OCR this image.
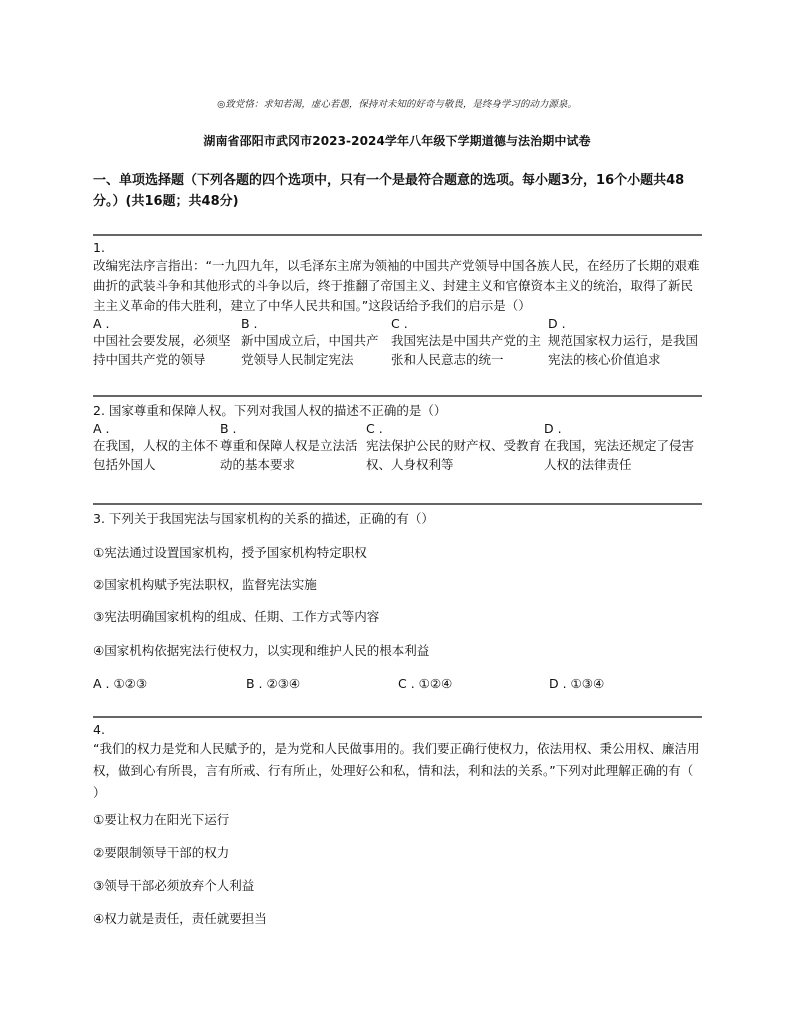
◎致党恪：求知若渴，虚心若愚，保持对未知的好奇与敬畏，是终身学习的动力源泉。
湖南省邵阳市武冈市2023-2024学年八年级下学期道德与法治期中试卷
一、单项选择题（下列各题的四个选项中，只有一个是最符合题意的选项。每小题3分，16个小题共48分。）(共16题；共48分)
1.
改编宪法序言指出：“一九四九年，以毛泽东主席为领袖的中国共产党领导中国各族人民，在经历了长期的艰难曲折的武装斗争和其他形式的斗争以后，终于推翻了帝国主义、封建主义和官僚资本主义的统治，取得了新民主主义革命的伟大胜利，建立了中华人民共和国。”这段话给予我们的启示是（）
A .
中国社会要发展，必须坚持中国共产党的领导
B .
新中国成立后，中国共产党领导人民制定宪法
C .
我国宪法是中国共产党的主张和人民意志的统一
D .
规范国家权力运行，是我国宪法的核心价值追求
2. 国家尊重和保障人权。下列对我国人权的描述不正确的是（）
A .
在我国，人权的主体不包括外国人
B .
尊重和保障人权是立法活动的基本要求
C .
宪法保护公民的财产权、受教育权、人身权利等
D .
在我国，宪法还规定了侵害人权的法律责任
3. 下列关于我国宪法与国家机构的关系的描述，正确的有（）
①宪法通过设置国家机构，授予国家机构特定职权
②国家机构赋予宪法职权，监督宪法实施
③宪法明确国家机构的组成、任期、工作方式等内容
④国家机构依据宪法行使权力，以实现和维护人民的根本利益
A . ①②③	B . ②③④	C . ①②④	D . ①③④
4.
“我们的权力是党和人民赋予的，是为党和人民做事用的。我们要正确行使权力，依法用权、秉公用权、廉洁用权，做到心有所畏，言有所戒、行有所止，处理好公和私，情和法，利和法的关系。”下列对此理解正确的有（ ）
①要让权力在阳光下运行
②要限制领导干部的权力
③领导干部必须放弃个人利益
④权力就是责任，责任就要担当
